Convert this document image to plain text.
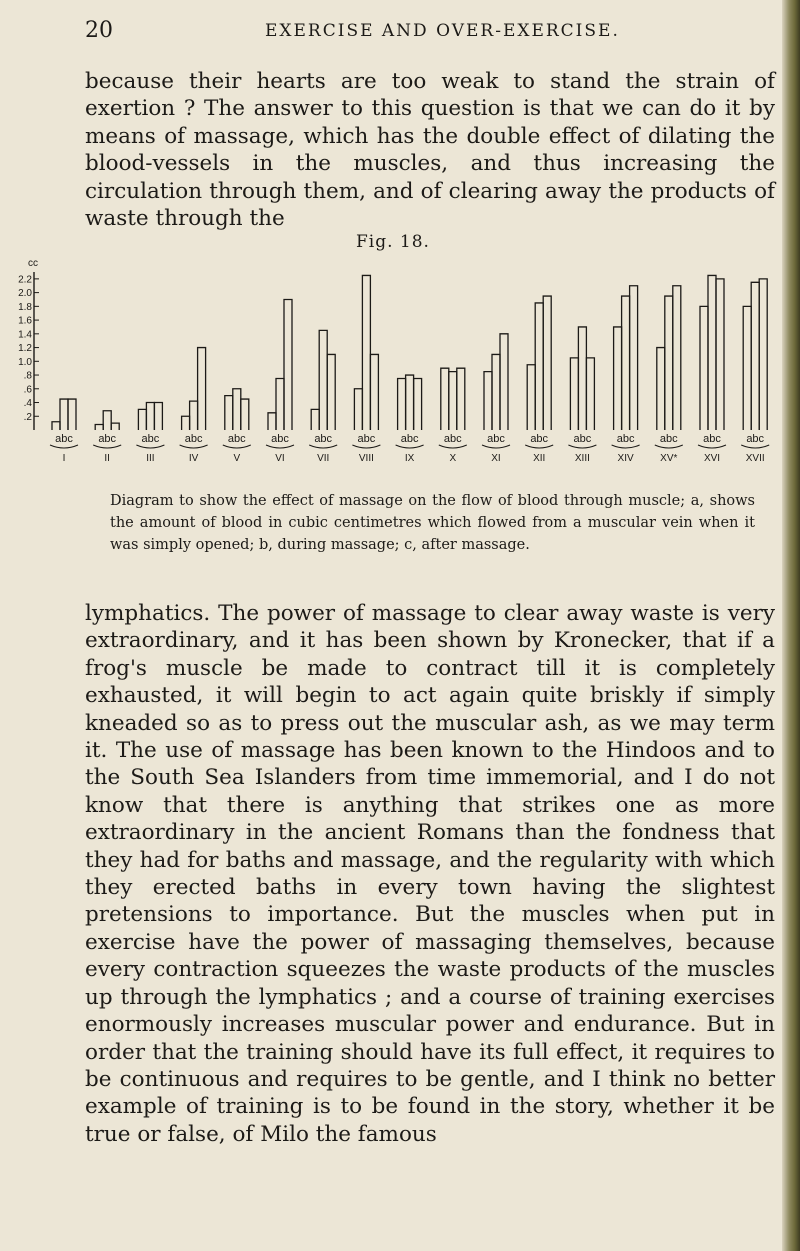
20	EXERCISE AND OVER-EXERCISE.

because their hearts are too weak to stand the strain of exertion ? The answer to this question is that we can do it by means of massage, which has the double effect of dilating the blood-vessels in the muscles, and thus increasing the circulation through them, and of clearing away the products of waste through the

Fig. 18.
cc
2.2
2.0
1.8
1.6
1.4
1.2
1.0
.8
.6
.4
.2
abc abc abc abc abc abc abc abc abc abc abc abc abc abc abc abc abc
I	II	III	IV	V	VI	VII	VIII	IX	X	XI	XII	XIII	XIV	XV*	XVI	XVII
Diagram to show the effect of massage on the flow of blood through muscle; a, shows the amount of blood in cubic centimetres which flowed from a muscular vein when it was simply opened; b, during massage; c, after massage.

lymphatics. The power of massage to clear away waste is very extraordinary, and it has been shown by Kronecker, that if a frog's muscle be made to contract till it is completely exhausted, it will begin to act again quite briskly if simply kneaded so as to press out the muscular ash, as we may term it. The use of massage has been known to the Hindoos and to the South Sea Islanders from time immemorial, and I do not know that there is anything that strikes one as more extraordinary in the ancient Romans than the fondness that they had for baths and massage, and the regularity with which they erected baths in every town having the slightest pretensions to importance. But the muscles when put in exercise have the power of massaging themselves, because every contraction squeezes the waste products of the muscles up through the lymphatics ; and a course of training exercises enormously increases muscular power and endurance. But in order that the training should have its full effect, it requires to be continuous and requires to be gentle, and I think no better example of training is to be found in the story, whether it be true or false, of Milo the famous
